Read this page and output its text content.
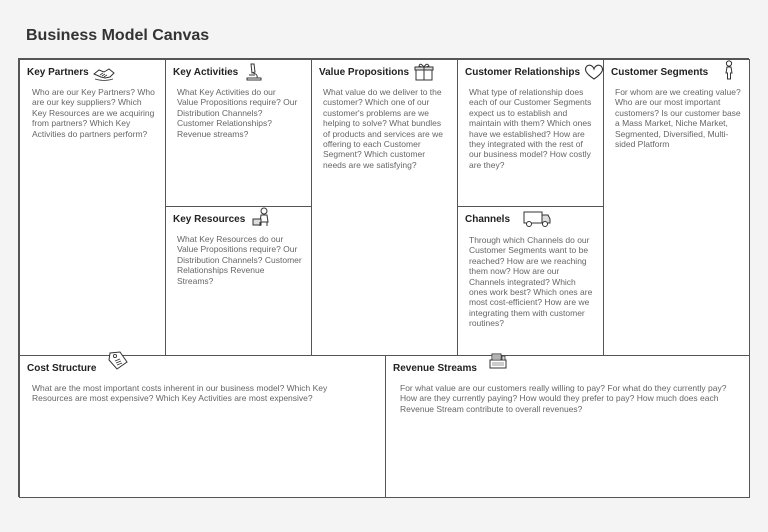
Business Model Canvas
Key Partners
Who are our Key Partners? Who are our key suppliers? Which Key Resources are we acquiring from partners? Which Key Activities do partners perform?
Key Activities
What Key Activities do our Value Propositions require? Our Distribution Channels? Customer Relationships? Revenue streams?
Key Resources
What Key Resources do our Value Propositions require? Our Distribution Channels? Customer Relationships Revenue Streams?
Value Propositions
What value do we deliver to the customer? Which one of our customer's problems are we helping to solve? What bundles of products and services are we offering to each Customer Segment? Which customer needs are we satisfying?
Customer Relationships
What type of relationship does each of our Customer Segments expect us to establish and maintain with them? Which ones have we established? How are they integrated with the rest of our business model? How costly are they?
Channels
Through which Channels do our Customer Segments want to be reached? How are we reaching them now? How are our Channels integrated? Which ones work best? Which ones are most cost-efficient? How are we integrating them with customer routines?
Customer Segments
For whom are we creating value? Who are our most important customers? Is our customer base a Mass Market, Niche Market, Segmented, Diversified, Multi-sided Platform
Cost Structure
What are the most important costs inherent in our business model? Which Key Resources are most expensive? Which Key Activities are most expensive?
Revenue Streams
For what value are our customers really willing to pay? For what do they currently pay? How are they currently paying? How would they prefer to pay? How much does each Revenue Stream contribute to overall revenues?
